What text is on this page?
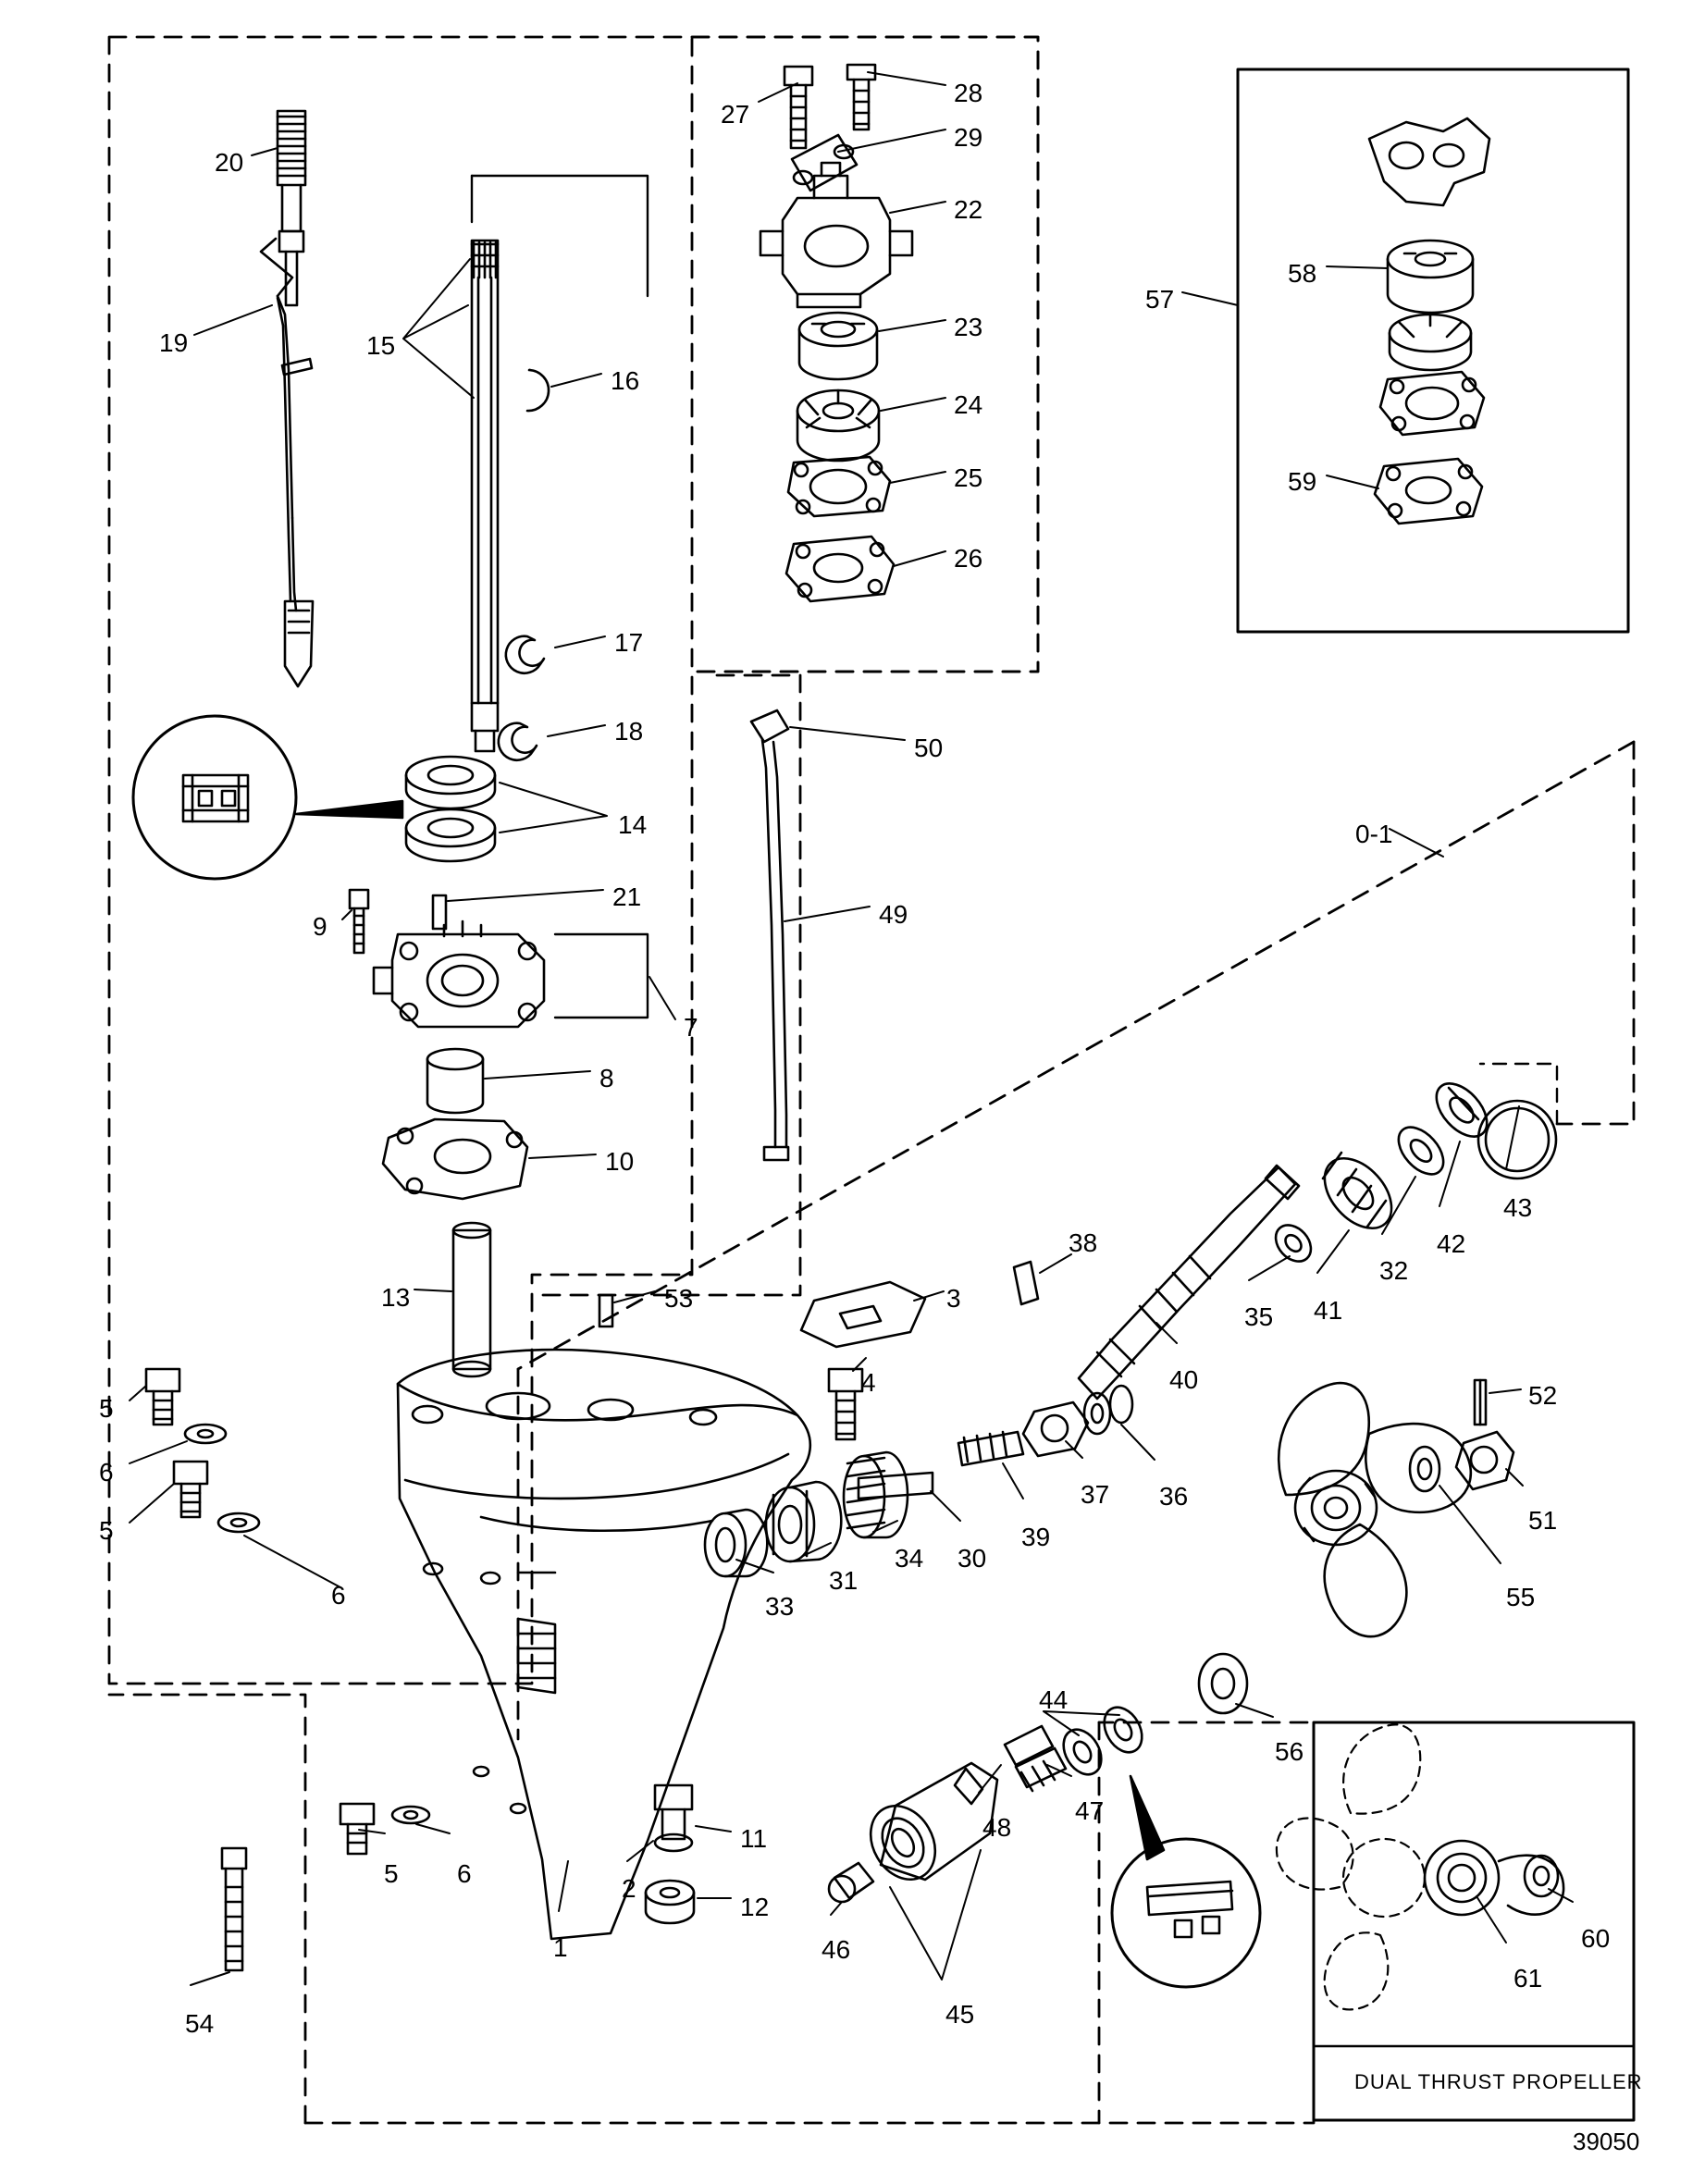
20
19	15
16
17
18
14
27
28
29
22
23
24
25
26
57
58
59
9
21
7
8
10
13	53
50
49
0-1
5
6
5
6
5 6
54
1
2
11
12
33
31
34 30
39
37 36
40
35 41
32
42
43
3
4
38
52
51
55
56
44
47
48
46
45
60
61
DUAL THRUST PROPELLER
39050
